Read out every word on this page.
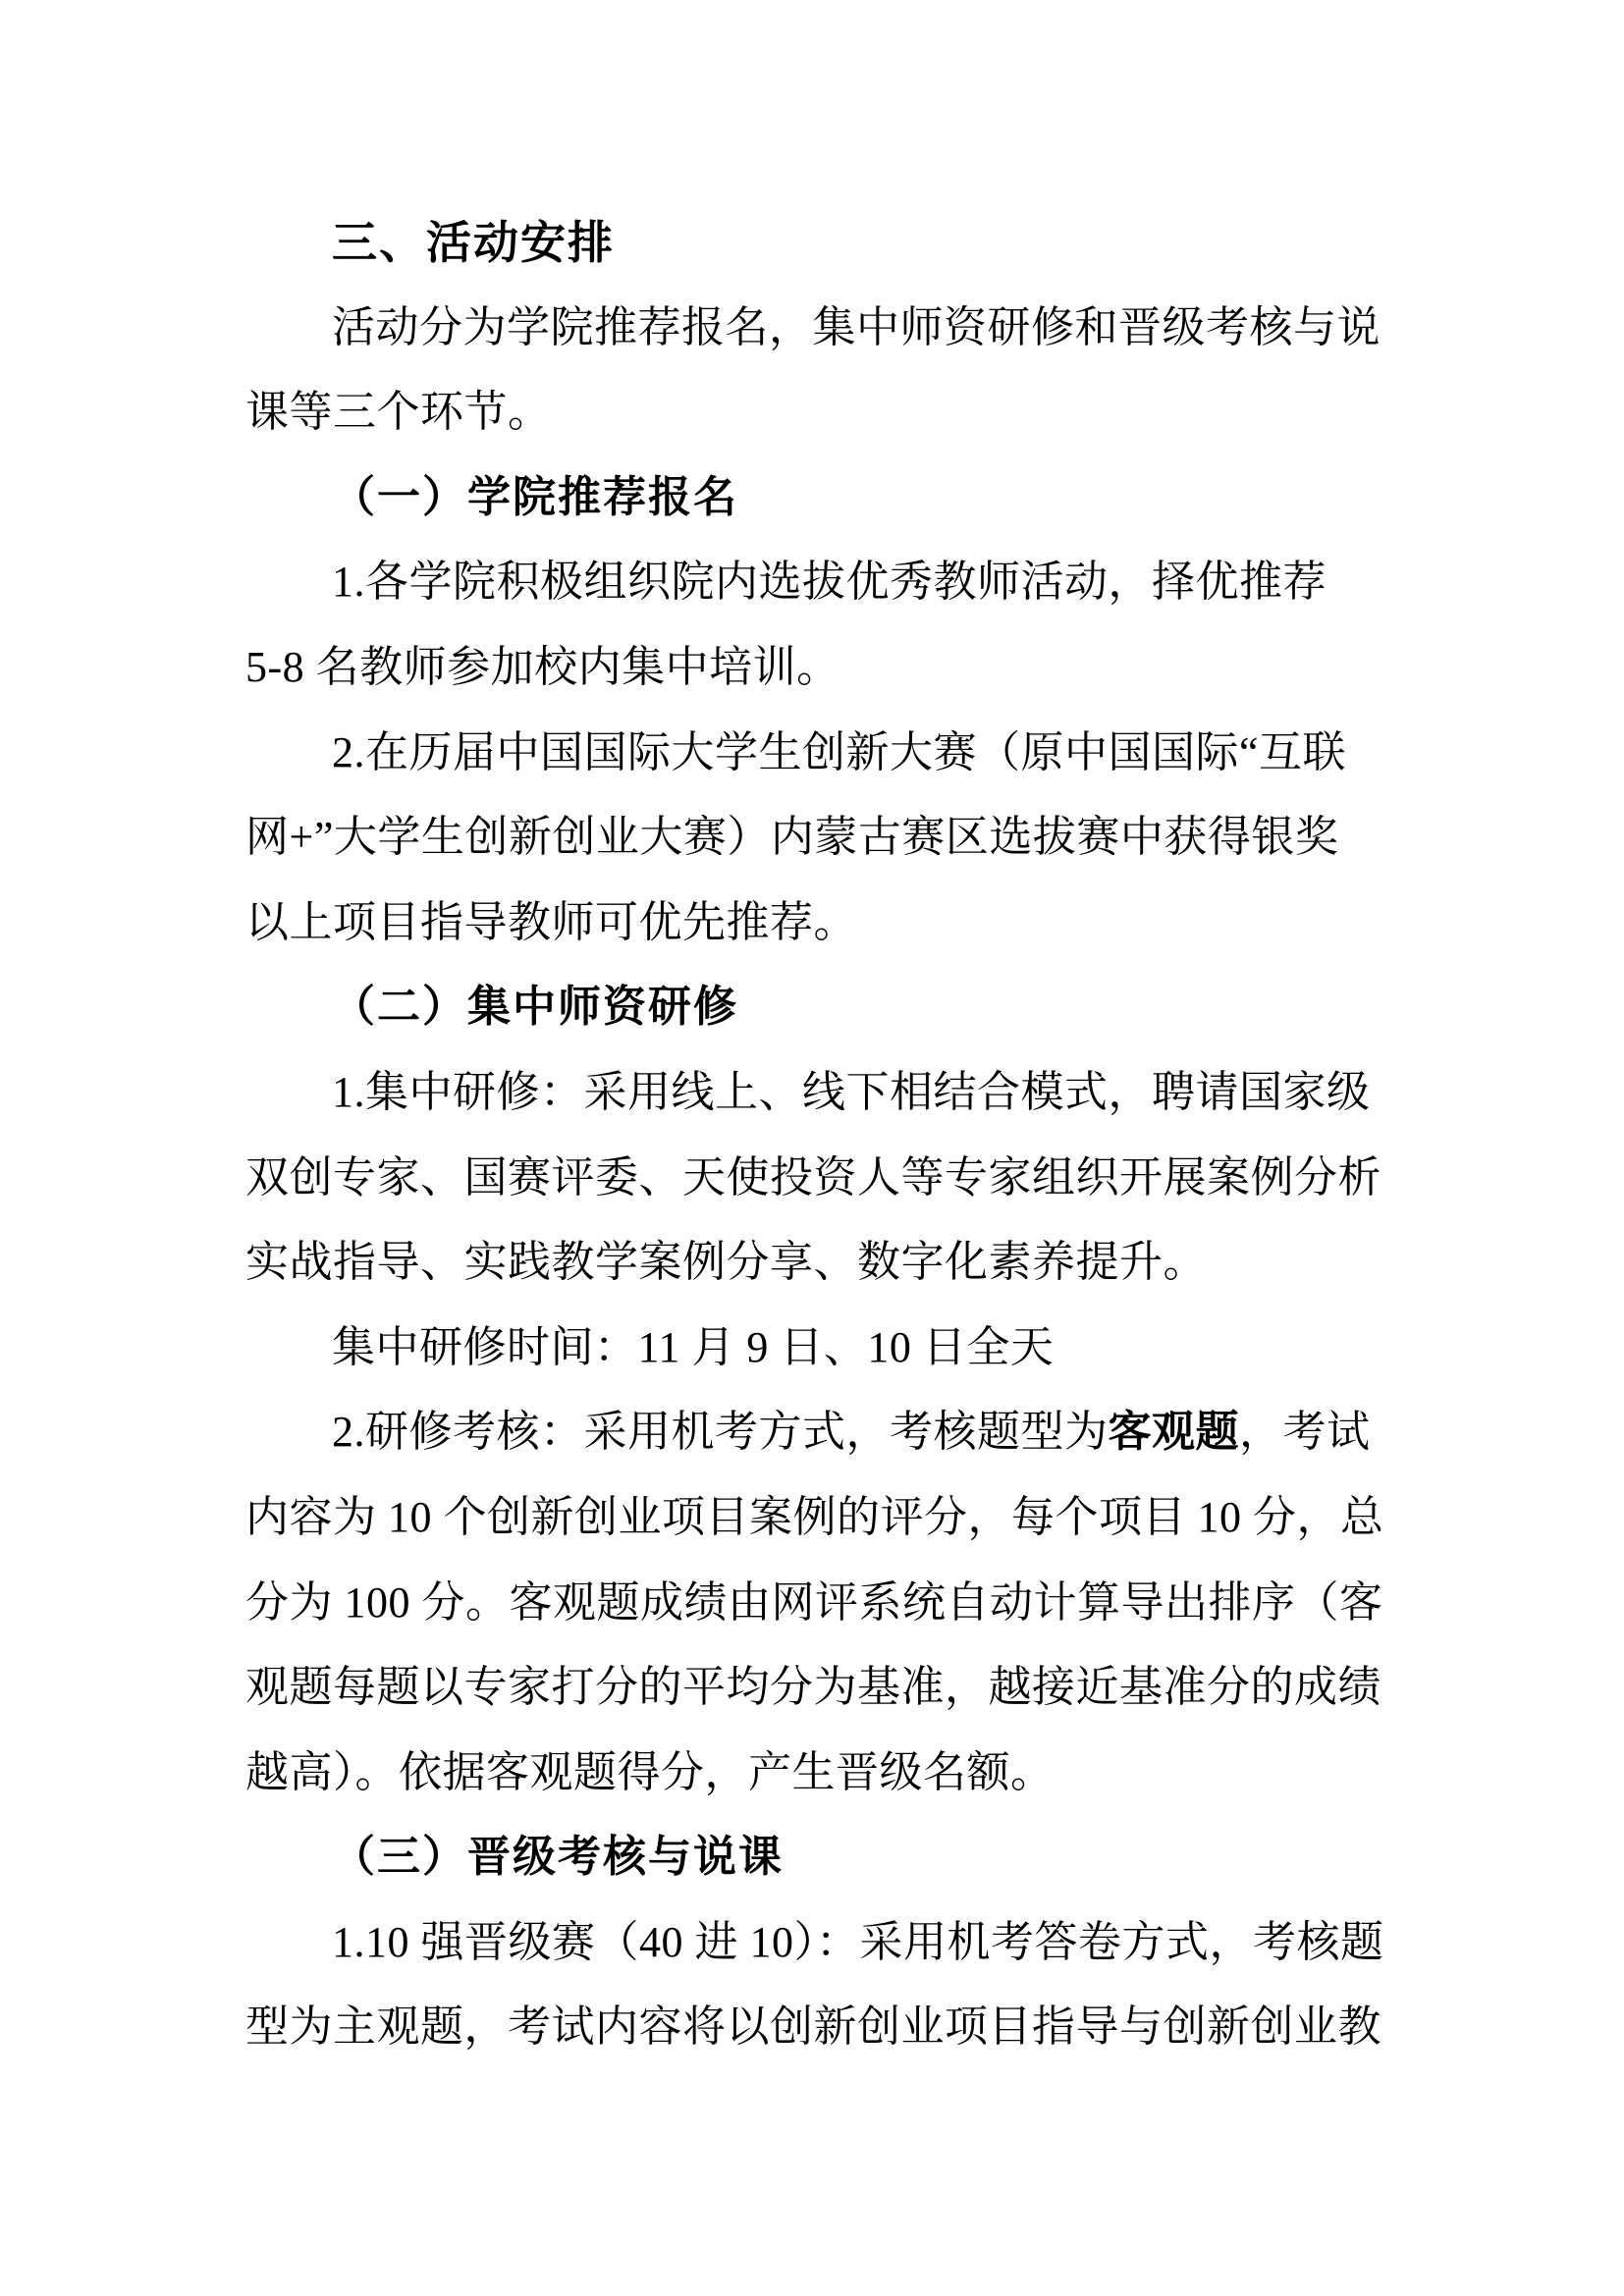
三、活动安排
活动分为学院推荐报名，集中师资研修和晋级考核与说
课等三个环节。
（一）学院推荐报名
1.各学院积极组织院内选拔优秀教师活动，择优推荐
5-8 名教师参加校内集中培训。
2.在历届中国国际大学生创新大赛（原中国国际“互联
网+”大学生创新创业大赛）内蒙古赛区选拔赛中获得银奖
以上项目指导教师可优先推荐。
（二）集中师资研修
1.集中研修：采用线上、线下相结合模式，聘请国家级
双创专家、国赛评委、天使投资人等专家组织开展案例分析
实战指导、实践教学案例分享、数字化素养提升。
集中研修时间：11 月 9 日、10 日全天
2.研修考核：采用机考方式，考核题型为客观题，考试
内容为 10 个创新创业项目案例的评分，每个项目 10 分，总
分为 100 分。客观题成绩由网评系统自动计算导出排序（客
观题每题以专家打分的平均分为基准，越接近基准分的成绩
越高）。依据客观题得分，产生晋级名额。
（三）晋级考核与说课
1.10 强晋级赛（40 进 10）：采用机考答卷方式，考核题
型为主观题，考试内容将以创新创业项目指导与创新创业教
